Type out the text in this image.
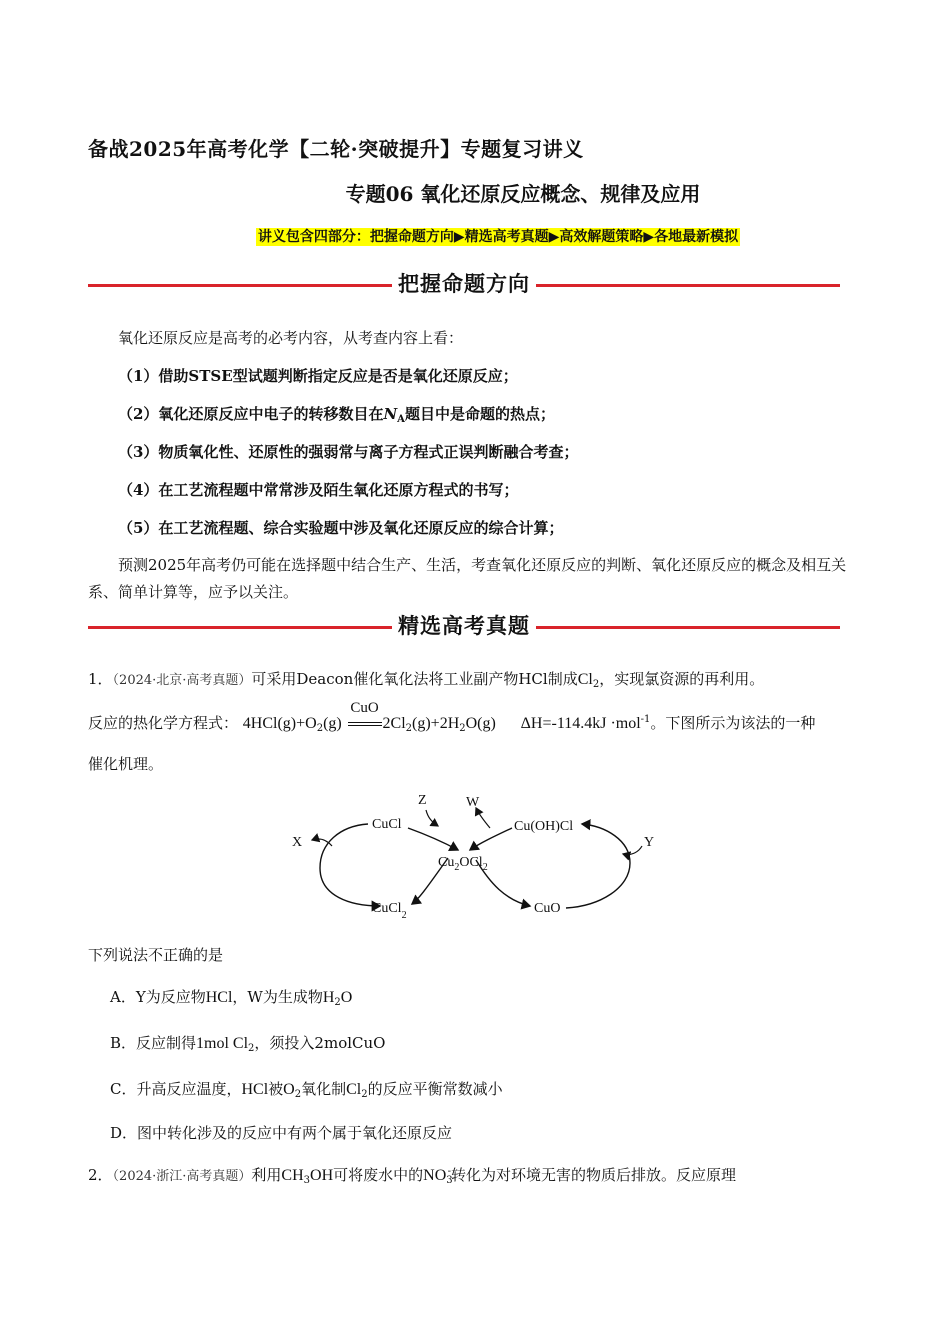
备战2025年高考化学【二轮·突破提升】专题复习讲义
专题06 氧化还原反应概念、规律及应用
讲义包含四部分：把握命题方向▶精选高考真题▶高效解题策略▶各地最新模拟
把握命题方向
氧化还原反应是高考的必考内容，从考查内容上看：
（1）借助STSE型试题判断指定反应是否是氧化还原反应；
（2）氧化还原反应中电子的转移数目在$N_A$题目中是命题的热点；
（3）物质氧化性、还原性的强弱常与离子方程式正误判断融合考查；
（4）在工艺流程题中常常涉及陌生氧化还原方程式的书写；
（5）在工艺流程题、综合实验题中涉及氧化还原反应的综合计算；
预测2025年高考仍可能在选择题中结合生产、生活，考查氧化还原反应的判断、氧化还原反应的概念及相互关系、简单计算等，应予以关注。
精选高考真题
1．（2024·北京·高考真题）可采用Deacon催化氧化法将工业副产物HCl制成$Cl_2$，实现氯资源的再利用。
反应的热化学方程式： $4HCl(g)+O_2(g)$
CuO
$2Cl_2(g)+2H_2O(g)$ ΔH=-114.4kJ ·mol$^{-1}$。下图所示为该法的一种
催化机理。
CuCl	Cu(OH)Cl
$Cu_2OCl_2$
CuCl$_2$	CuO
X	Y
Z	W
下列说法不正确的是
A．Y为反应物HCl，W为生成物$H_2O$
B．反应制得1mol $Cl_2$，须投入2molCuO
C．升高反应温度，HCl被$O_2$氧化制$Cl_2$的反应平衡常数减小
D．图中转化涉及的反应中有两个属于氧化还原反应
2．（2024·浙江·高考真题）利用$CH_3OH$可将废水中的$NO_3^-$转化为对环境无害的物质后排放。反应原理
